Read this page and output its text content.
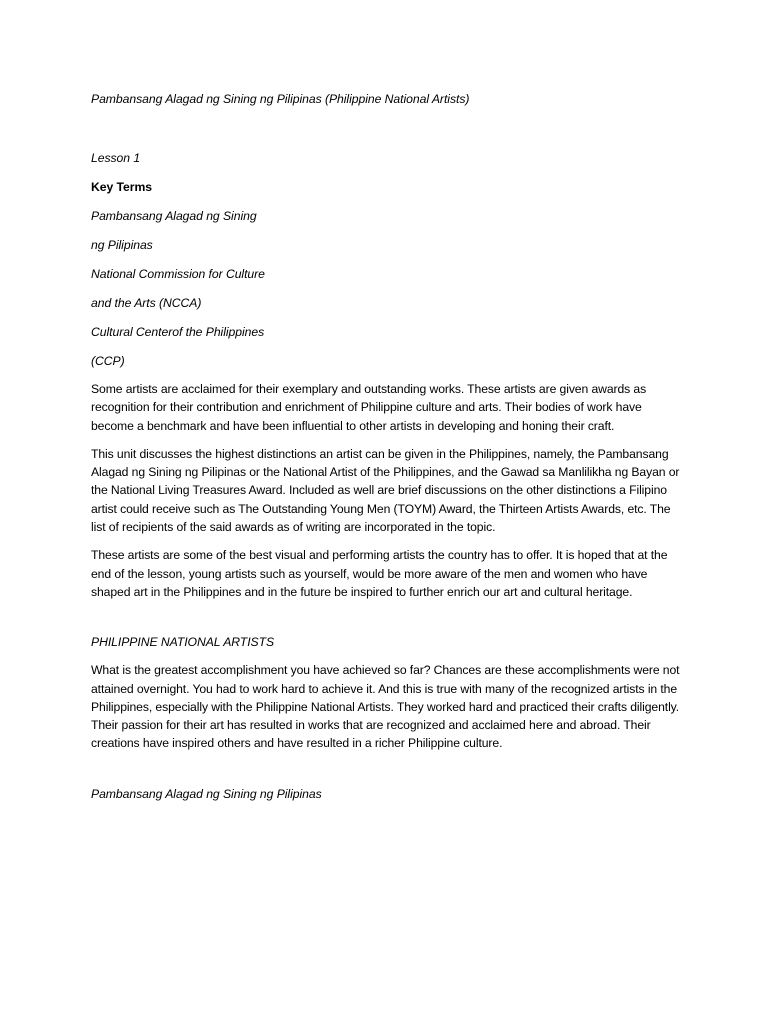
Pambansang Alagad ng Sining ng Pilipinas (Philippine National Artists)

Lesson 1

Key Terms

Pambansang Alagad ng Sining

ng Pilipinas

National Commission for Culture

and the Arts (NCCA)

Cultural Centerof the Philippines

(CCP)

Some artists are acclaimed for their exemplary and outstanding works. These artists are given awards as recognition for their contribution and enrichment of Philippine culture and arts. Their bodies of work have become a benchmark and have been influential to other artists in developing and honing their craft.

This unit discusses the highest distinctions an artist can be given in the Philippines, namely, the Pambansang Alagad ng Sining ng Pilipinas or the National Artist of the Philippines, and the Gawad sa Manlilikha ng Bayan or the National Living Treasures Award. Included as well are brief discussions on the other distinctions a Filipino artist could receive such as The Outstanding Young Men (TOYM) Award, the Thirteen Artists Awards, etc. The list of recipients of the said awards as of writing are incorporated in the topic.

These artists are some of the best visual and performing artists the country has to offer. It is hoped that at the end of the lesson, young artists such as yourself, would be more aware of the men and women who have shaped art in the Philippines and in the future be inspired to further enrich our art and cultural heritage.

PHILIPPINE NATIONAL ARTISTS

What is the greatest accomplishment you have achieved so far? Chances are these accomplishments were not attained overnight. You had to work hard to achieve it. And this is true with many of the recognized artists in the Philippines, especially with the Philippine National Artists. They worked hard and practiced their crafts diligently. Their passion for their art has resulted in works that are recognized and acclaimed here and abroad. Their creations have inspired others and have resulted in a richer Philippine culture.

Pambansang Alagad ng Sining ng Pilipinas
